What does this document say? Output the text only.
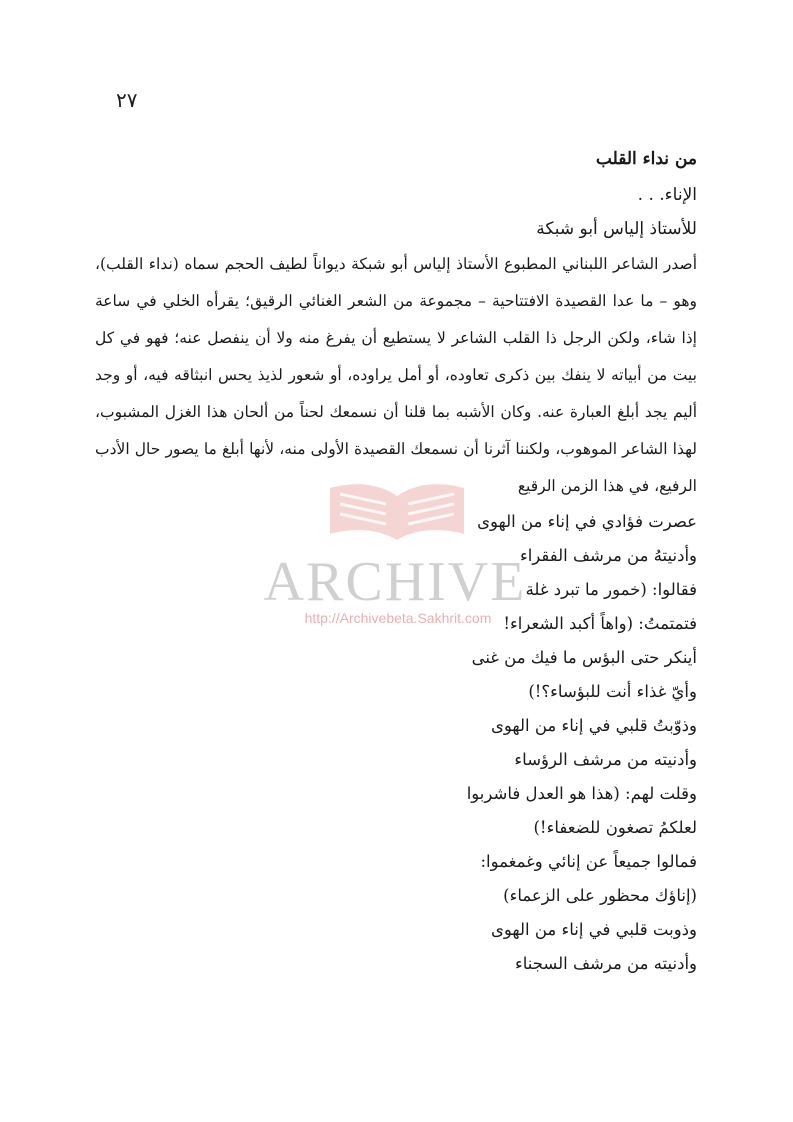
٢٧
من نداء القلب
الإناء. . .
للأستاذ إلياس أبو شبكة

أصدر الشاعر اللبناني المطبوع الأستاذ إلياس أبو شبكة ديواناً لطيف الحجم سماه (نداء القلب)، وهو – ما عدا القصيدة الافتتاحية – مجموعة من الشعر الغنائي الرقيق؛ يقرأه الخلي في ساعة إذا شاء، ولكن الرجل ذا القلب الشاعر لا يستطيع أن يفرغ منه ولا أن ينفصل عنه؛ فهو في كل بيت من أبياته لا ينفك بين ذكرى تعاوده، أو أمل يراوده، أو شعور لذيذ يحس انبثاقه فيه، أو وجد أليم يجد أبلغ العبارة عنه. وكان الأشبه بما قلنا أن نسمعك لحناً من ألحان هذا الغزل المشبوب، لهذا الشاعر الموهوب، ولكننا آثرنا أن نسمعك القصيدة الأولى منه، لأنها أبلغ ما يصور حال الأدب الرفيع، في هذا الزمن الرقيع

عصرت فؤادي في إناء من الهوى
وأدنيتهُ من مرشف الفقراء
فقالوا: (خمور ما تبرد غلة
فتمتمتُ: (واهاً أكبد الشعراء!
أينكر حتى البؤس ما فيك من غنى
وأيّ غذاء أنت للبؤساء؟!)
وذوّبتُ قلبي في إناء من الهوى
وأدنيته من مرشف الرؤساء
وقلت لهم: (هذا هو العدل فاشربوا
لعلكمُ تصغون للضعفاء!)
فمالوا جميعاً عن إنائي وغمغموا:
(إناؤك محظور على الزعماء)
وذوبت قلبي في إناء من الهوى
وأدنيته من مرشف السجناء
ARCHIVE
http://Archivebeta.Sakhrit.com
